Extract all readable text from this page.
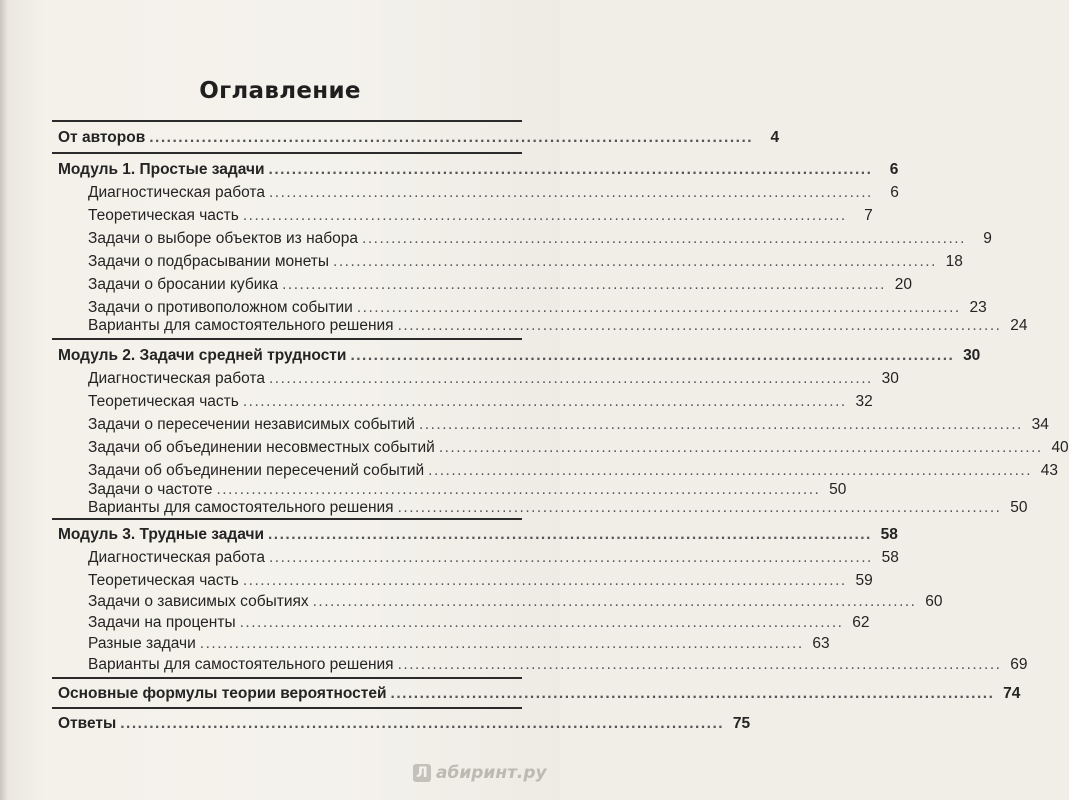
Оглавление
От авторов ........................................................................................................	4
Модуль 1. Простые задачи ........................................................................................................	6
Диагностическая работа ........................................................................................................	6
Теоретическая часть ........................................................................................................	7
Задачи о выборе объектов из набора ........................................................................................................	9
Задачи о подбрасывании монеты ........................................................................................................ 18
Задачи о бросании кубика ........................................................................................................ 20
Задачи о противоположном событии ........................................................................................................ 23
Варианты для самостоятельного решения ........................................................................................................ 24
Модуль 2. Задачи средней трудности ........................................................................................................ 30
Диагностическая работа ........................................................................................................ 30
Теоретическая часть ........................................................................................................ 32
Задачи о пересечении независимых событий ........................................................................................................ 34
Задачи об объединении несовместных событий ........................................................................................................ 40
Задачи об объединении пересечений событий ........................................................................................................ 43
Задачи о частоте ........................................................................................................ 50
Варианты для самостоятельного решения ........................................................................................................ 50
Модуль 3. Трудные задачи ........................................................................................................ 58
Диагностическая работа ........................................................................................................ 58
Теоретическая часть ........................................................................................................ 59
Задачи о зависимых событиях ........................................................................................................ 60
Задачи на проценты ........................................................................................................ 62
Разные задачи ........................................................................................................ 63
Варианты для самостоятельного решения ........................................................................................................ 69
Основные формулы теории вероятностей ........................................................................................................ 74
Ответы ........................................................................................................ 75
Л абиринт.ру
